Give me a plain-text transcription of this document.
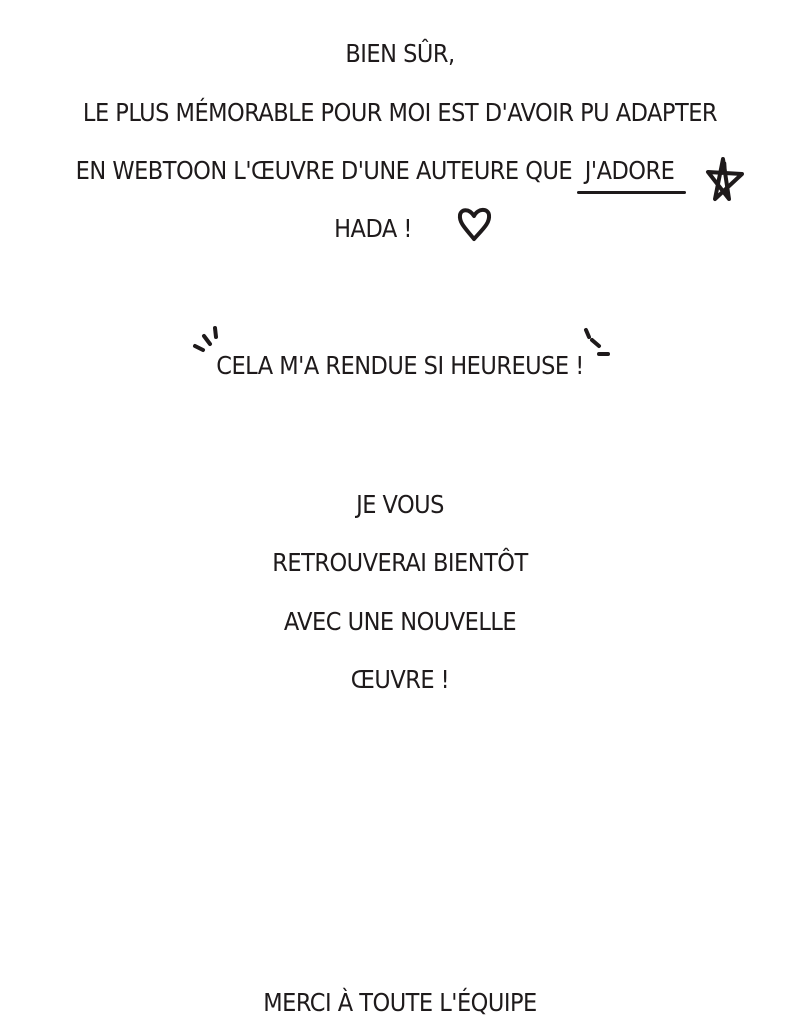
BIEN SÛR,
LE PLUS MÉMORABLE POUR MOI EST D'AVOIR PU ADAPTER
EN WEBTOON L'ŒUVRE D'UNE AUTEURE QUE J'ADORE
HADA !
CELA M'A RENDUE SI HEUREUSE !
JE VOUS
RETROUVERAI BIENTÔT
AVEC UNE NOUVELLE
ŒUVRE !
MERCI À TOUTE L'ÉQUIPE
